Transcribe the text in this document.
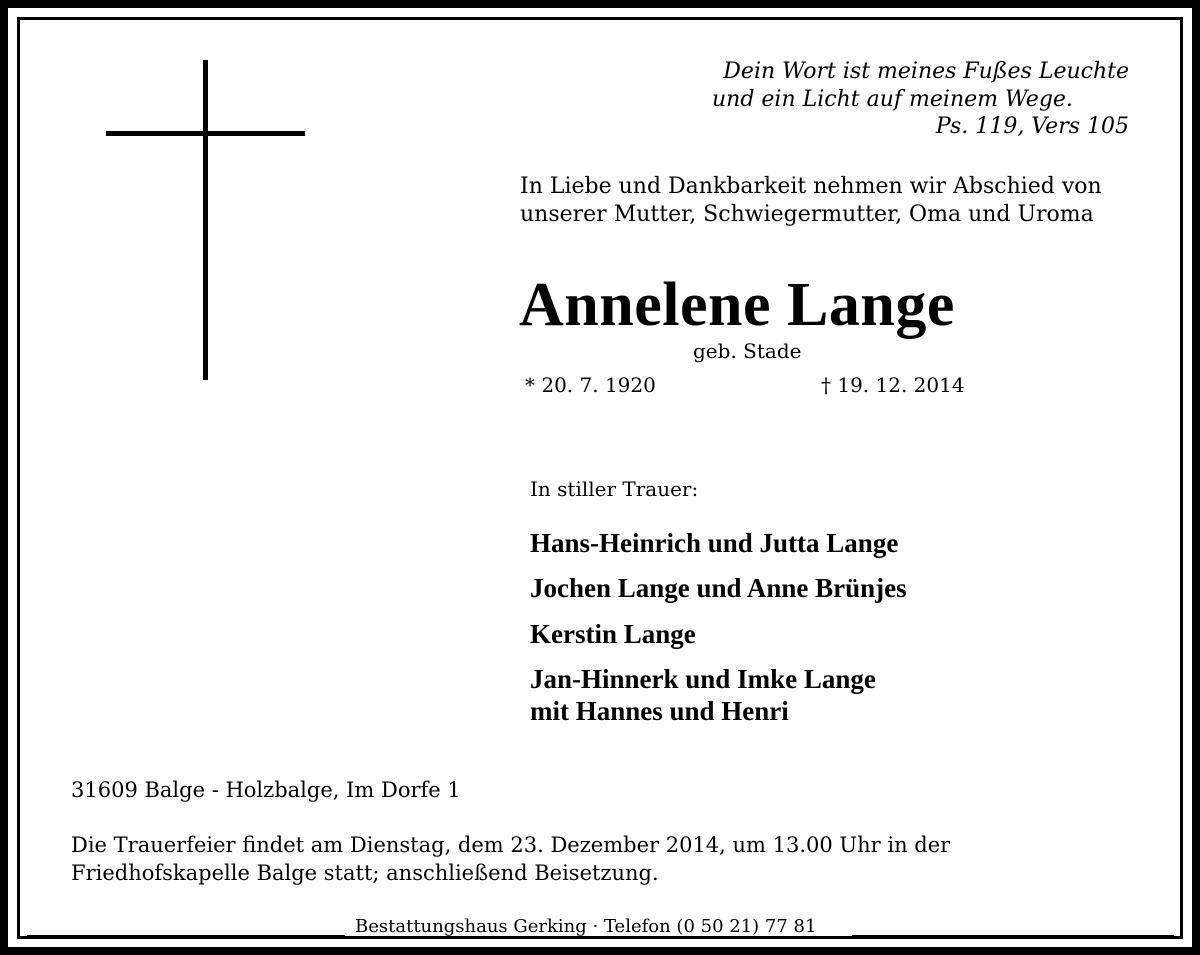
Dein Wort ist meines Fußes Leuchte

und ein Licht auf meinem Wege.

Ps. 119, Vers 105

In Liebe und Dankbarkeit nehmen wir Abschied von

unserer Mutter, Schwiegermutter, Oma und Uroma

Annelene Lange

geb. Stade

* 20. 7. 1920	† 19. 12. 2014

In stiller Trauer:

Hans-Heinrich und Jutta Lange

Jochen Lange und Anne Brünjes

Kerstin Lange

Jan-Hinnerk und Imke Lange

mit Hannes und Henri

31609 Balge - Holzbalge, Im Dorfe 1

Die Trauerfeier findet am Dienstag, dem 23. Dezember 2014, um 13.00 Uhr in der

Friedhofskapelle Balge statt; anschließend Beisetzung.

Bestattungshaus Gerking · Telefon (0 50 21) 77 81
